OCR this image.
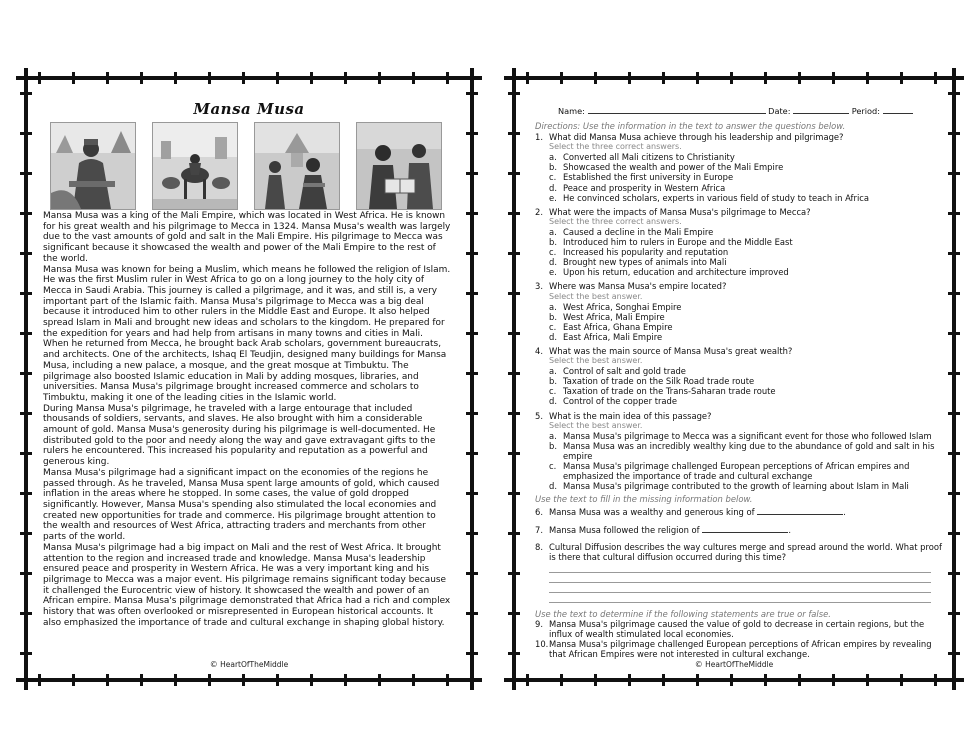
Mansa Musa

Mansa Musa was a king of the Mali Empire, which was located in West Africa. He is known for his great wealth and his pilgrimage to Mecca in 1324. Mansa Musa's wealth was largely due to the vast amounts of gold and salt in the Mali Empire. His pilgrimage to Mecca was significant because it showcased the wealth and power of the Mali Empire to the rest of the world.

Mansa Musa was known for being a Muslim, which means he followed the religion of Islam. He was the first Muslim ruler in West Africa to go on a long journey to the holy city of Mecca in Saudi Arabia. This journey is called a pilgrimage, and it was, and still is, a very important part of the Islamic faith. Mansa Musa's pilgrimage to Mecca was a big deal because it introduced him to other rulers in the Middle East and Europe. It also helped spread Islam in Mali and brought new ideas and scholars to the kingdom. He prepared for the expedition for years and had help from artisans in many towns and cities in Mali. When he returned from Mecca, he brought back Arab scholars, government bureaucrats, and architects. One of the architects, Ishaq El Teudjin, designed many buildings for Mansa Musa, including a new palace, a mosque, and the great mosque at Timbuktu. The pilgrimage also boosted Islamic education in Mali by adding mosques, libraries, and universities. Mansa Musa's pilgrimage brought increased commerce and scholars to Timbuktu, making it one of the leading cities in the Islamic world.

During Mansa Musa's pilgrimage, he traveled with a large entourage that included thousands of soldiers, servants, and slaves. He also brought with him a considerable amount of gold. Mansa Musa's generosity during his pilgrimage is well-documented. He distributed gold to the poor and needy along the way and gave extravagant gifts to the rulers he encountered. This increased his popularity and reputation as a powerful and generous king.

Mansa Musa's pilgrimage had a significant impact on the economies of the regions he passed through. As he traveled, Mansa Musa spent large amounts of gold, which caused inflation in the areas where he stopped. In some cases, the value of gold dropped significantly. However, Mansa Musa's spending also stimulated the local economies and created new opportunities for trade and commerce. His pilgrimage brought attention to the wealth and resources of West Africa, attracting traders and merchants from other parts of the world.

Mansa Musa's pilgrimage had a big impact on Mali and the rest of West Africa. It brought attention to the region and increased trade and knowledge. Mansa Musa's leadership ensured peace and prosperity in Western Africa. He was a very important king and his pilgrimage to Mecca was a major event. His pilgrimage remains significant today because it challenged the Eurocentric view of history. It showcased the wealth and power of an African empire. Mansa Musa's pilgrimage demonstrated that Africa had a rich and complex history that was often overlooked or misrepresented in European historical accounts. It also emphasized the importance of trade and cultural exchange in shaping global history.

© HeartOfTheMiddle
Name:	Date:	Period:
Directions: Use the information in the text to answer the questions below.
1. What did Mansa Musa achieve through his leadership and pilgrimage?
Select the three correct answers.
a. Converted all Mali citizens to Christianity
b. Showcased the wealth and power of the Mali Empire
c. Established the first university in Europe
d. Peace and prosperity in Western Africa
e. He convinced scholars, experts in various field of study to teach in Africa
2. What were the impacts of Mansa Musa's pilgrimage to Mecca?
Select the three correct answers.
a. Caused a decline in the Mali Empire
b. Introduced him to rulers in Europe and the Middle East
c. Increased his popularity and reputation
d. Brought new types of animals into Mali
e. Upon his return, education and architecture improved
3. Where was Mansa Musa's empire located?
Select the best answer.
a. West Africa, Songhai Empire
b. West Africa, Mali Empire
c. East Africa, Ghana Empire
d. East Africa, Mali Empire
4. What was the main source of Mansa Musa's great wealth?
Select the best answer.
a. Control of salt and gold trade
b. Taxation of trade on the Silk Road trade route
c. Taxation of trade on the Trans-Saharan trade route
d. Control of the copper trade
5. What is the main idea of this passage?
Select the best answer.
a. Mansa Musa's pilgrimage to Mecca was a significant event for those who followed Islam
b. Mansa Musa was an incredibly wealthy king due to the abundance of gold and salt in his empire
c. Mansa Musa's pilgrimage challenged European perceptions of African empires and emphasized the importance of trade and cultural exchange
d. Mansa Musa's pilgrimage contributed to the growth of learning about Islam in Mali
Use the text to fill in the missing information below.
6. Mansa Musa was a wealthy and generous king of	.
7. Mansa Musa followed the religion of	.
8. Cultural Diffusion describes the way cultures merge and spread around the world. What proof is there that cultural diffusion occurred during this time?
Use the text to determine if the following statements are true or false.
9. Mansa Musa's pilgrimage caused the value of gold to decrease in certain regions, but the influx of wealth stimulated local economies.
10. Mansa Musa's pilgrimage challenged European perceptions of African empires by revealing that African Empires were not interested in cultural exchange.
© HeartOfTheMiddle
